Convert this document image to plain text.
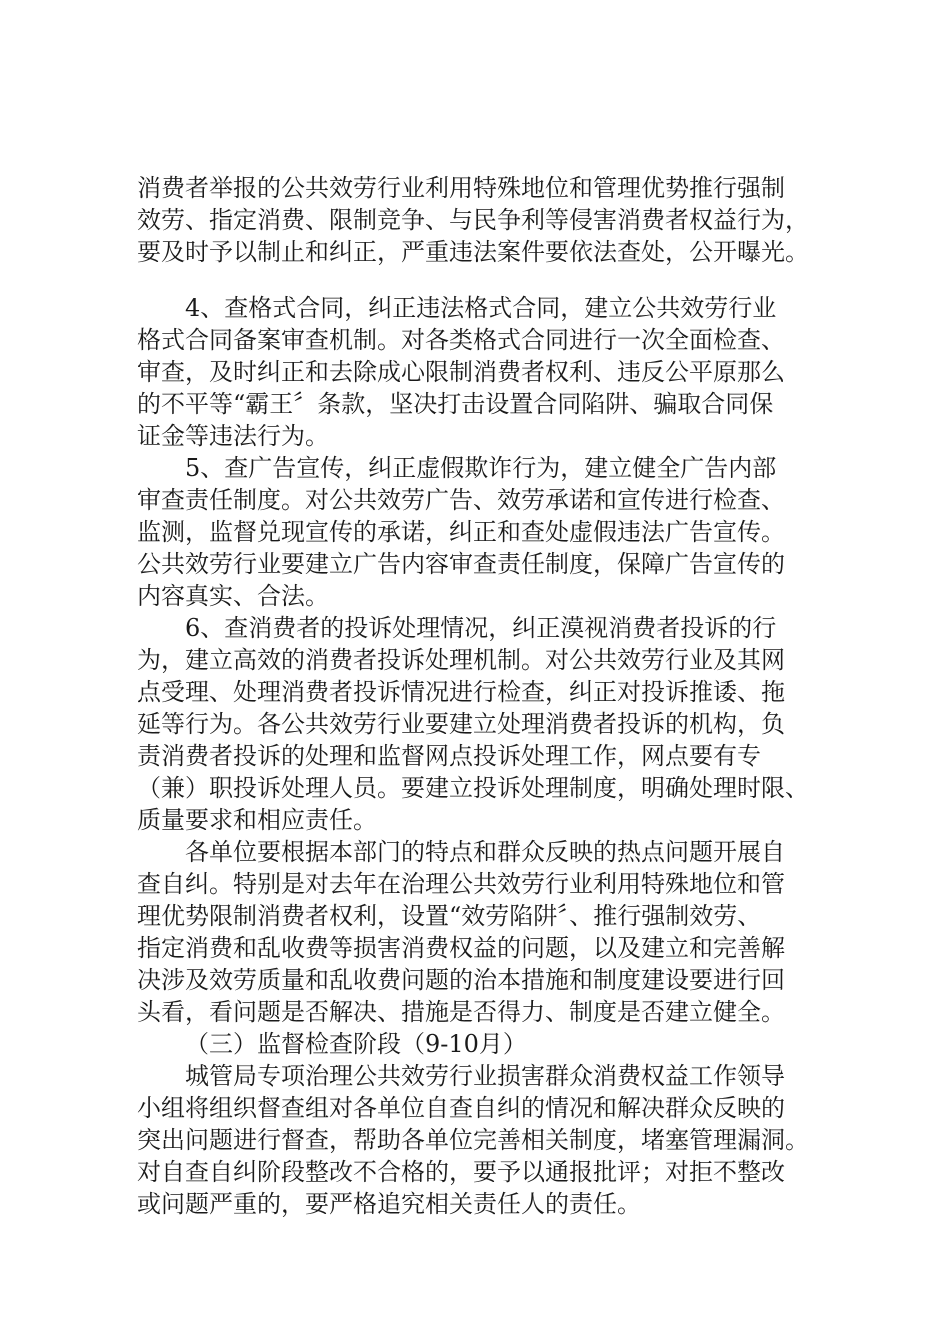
消费者举报的公共效劳行业利用特殊地位和管理优势推行强制
效劳、指定消费、限制竞争、与民争利等侵害消费者权益行为，
要及时予以制止和纠正，严重违法案件要依法查处，公开曝光。
4、查格式合同，纠正违法格式合同，建立公共效劳行业
格式合同备案审查机制。对各类格式合同进行一次全面检查、
审查，及时纠正和去除成心限制消费者权利、违反公平原那么
的不平等“霸王〞条款，坚决打击设置合同陷阱、骗取合同保
证金等违法行为。
5、查广告宣传，纠正虚假欺诈行为，建立健全广告内部
审查责任制度。对公共效劳广告、效劳承诺和宣传进行检查、
监测，监督兑现宣传的承诺，纠正和查处虚假违法广告宣传。
公共效劳行业要建立广告内容审查责任制度，保障广告宣传的
内容真实、合法。
6、查消费者的投诉处理情况，纠正漠视消费者投诉的行
为，建立高效的消费者投诉处理机制。对公共效劳行业及其网
点受理、处理消费者投诉情况进行检查，纠正对投诉推诿、拖
延等行为。各公共效劳行业要建立处理消费者投诉的机构，负
责消费者投诉的处理和监督网点投诉处理工作，网点要有专
（兼）职投诉处理人员。要建立投诉处理制度，明确处理时限、
质量要求和相应责任。
各单位要根据本部门的特点和群众反映的热点问题开展自
查自纠。特别是对去年在治理公共效劳行业利用特殊地位和管
理优势限制消费者权利，设置“效劳陷阱〞、推行强制效劳、
指定消费和乱收费等损害消费权益的问题，以及建立和完善解
决涉及效劳质量和乱收费问题的治本措施和制度建设要进行回
头看，看问题是否解决、措施是否得力、制度是否建立健全。
（三）监督检查阶段（9-10月）
城管局专项治理公共效劳行业损害群众消费权益工作领导
小组将组织督查组对各单位自查自纠的情况和解决群众反映的
突出问题进行督查，帮助各单位完善相关制度，堵塞管理漏洞。
对自查自纠阶段整改不合格的，要予以通报批评；对拒不整改
或问题严重的，要严格追究相关责任人的责任。
